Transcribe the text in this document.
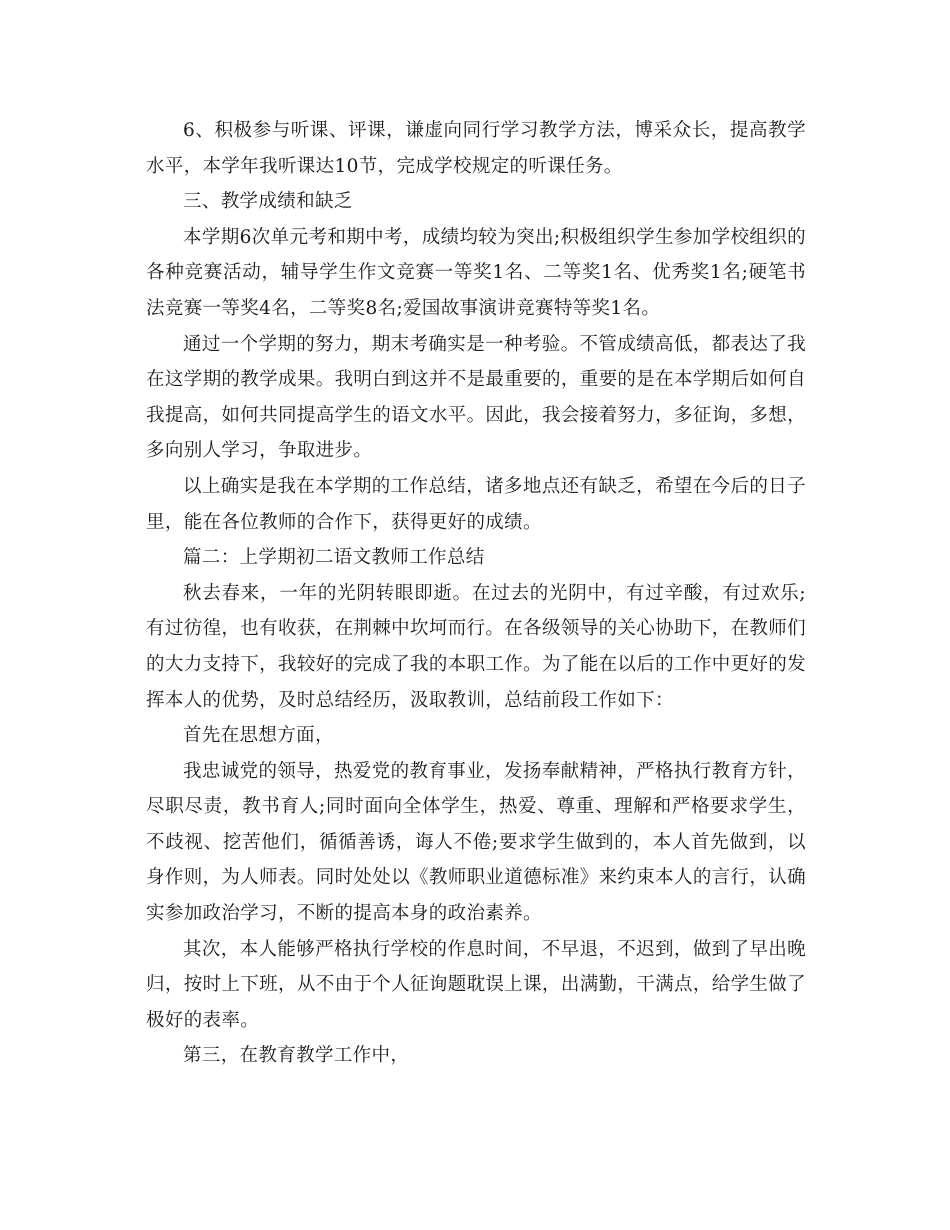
6、积极参与听课、评课，谦虚向同行学习教学方法，博采众长，提高教学水平，本学年我听课达10节，完成学校规定的听课任务。

三、教学成绩和缺乏

本学期6次单元考和期中考，成绩均较为突出;积极组织学生参加学校组织的各种竞赛活动，辅导学生作文竞赛一等奖1名、二等奖1名、优秀奖1名;硬笔书法竞赛一等奖4名，二等奖8名;爱国故事演讲竞赛特等奖1名。

通过一个学期的努力，期末考确实是一种考验。不管成绩高低，都表达了我在这学期的教学成果。我明白到这并不是最重要的，重要的是在本学期后如何自我提高，如何共同提高学生的语文水平。因此，我会接着努力，多征询，多想，多向别人学习，争取进步。

以上确实是我在本学期的工作总结，诸多地点还有缺乏，希望在今后的日子里，能在各位教师的合作下，获得更好的成绩。

篇二：上学期初二语文教师工作总结

秋去春来，一年的光阴转眼即逝。在过去的光阴中，有过辛酸，有过欢乐;有过彷徨，也有收获，在荆棘中坎坷而行。在各级领导的关心协助下，在教师们的大力支持下，我较好的完成了我的本职工作。为了能在以后的工作中更好的发挥本人的优势，及时总结经历，汲取教训，总结前段工作如下：

首先在思想方面，

我忠诚党的领导，热爱党的教育事业，发扬奉献精神，严格执行教育方针，尽职尽责，教书育人;同时面向全体学生，热爱、尊重、理解和严格要求学生，不歧视、挖苦他们，循循善诱，诲人不倦;要求学生做到的，本人首先做到，以身作则，为人师表。同时处处以《教师职业道德标准》来约束本人的言行，认确实参加政治学习，不断的提高本身的政治素养。

其次，本人能够严格执行学校的作息时间，不早退，不迟到，做到了早出晚归，按时上下班，从不由于个人征询题耽误上课，出满勤，干满点，给学生做了极好的表率。

第三，在教育教学工作中，
